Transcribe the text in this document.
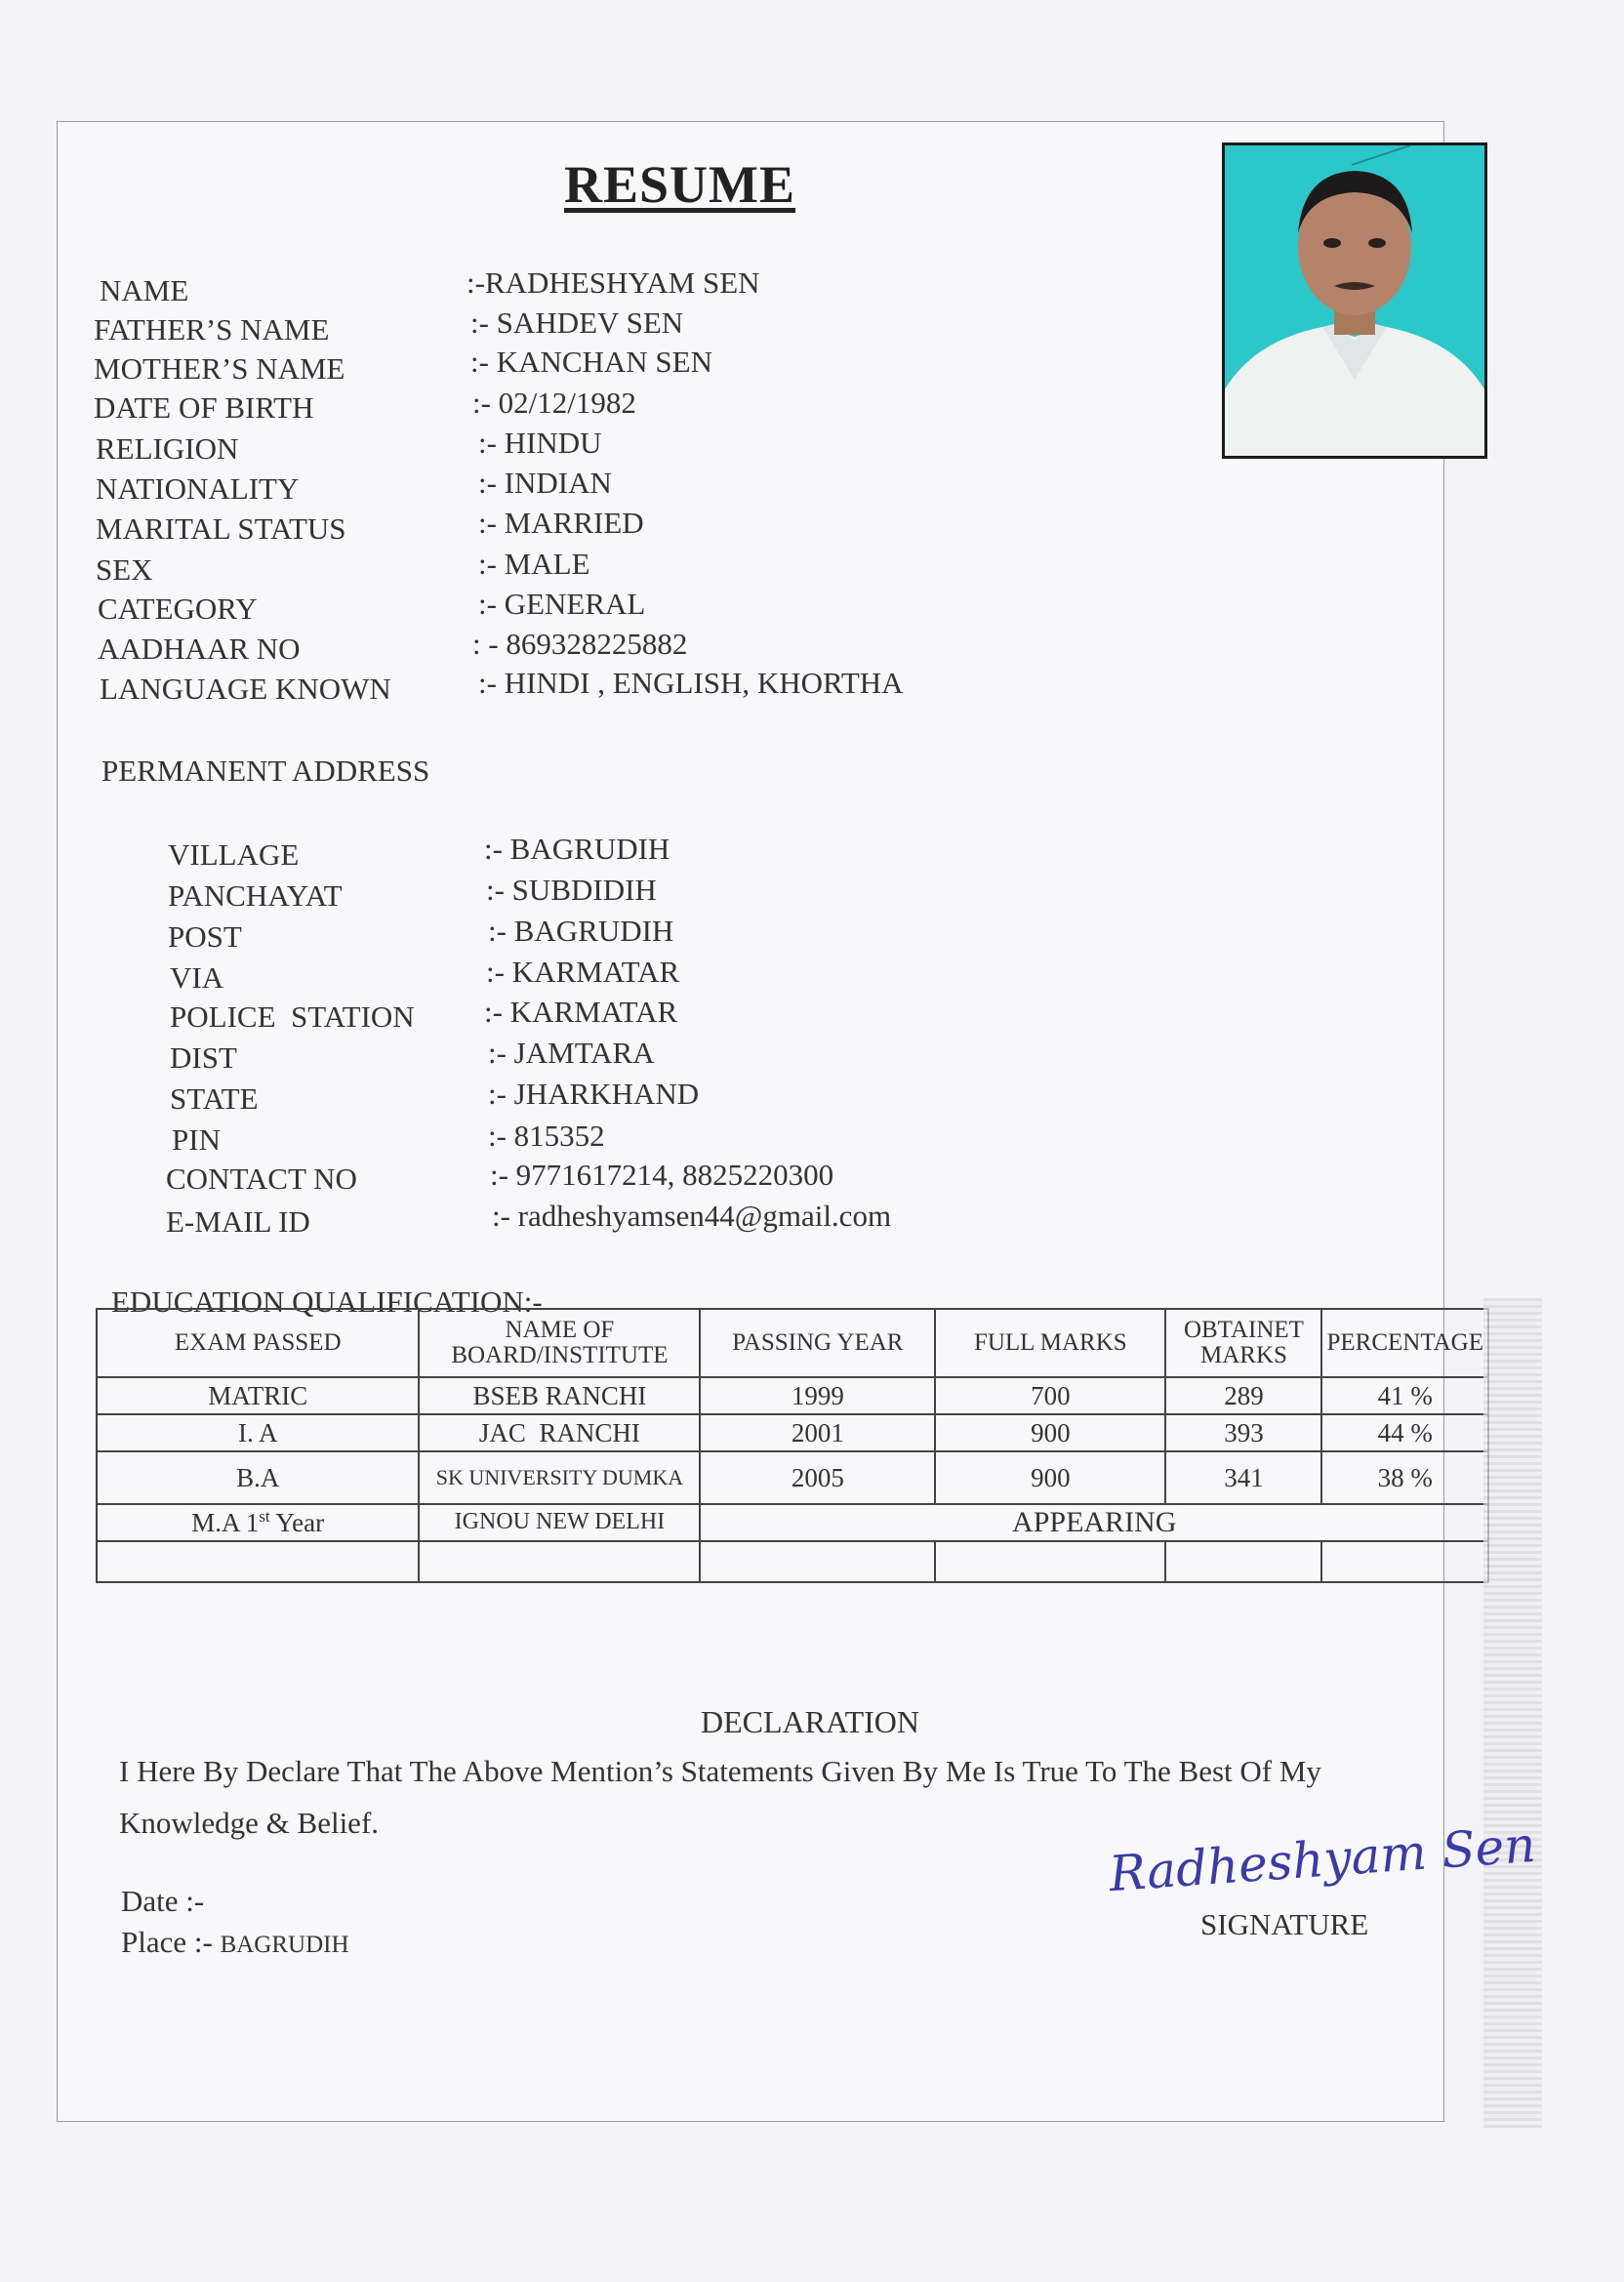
RESUME
NAME	:-RADHESHYAM SEN
FATHER’S NAME	:- SAHDEV SEN
MOTHER’S NAME	:- KANCHAN SEN
DATE OF BIRTH	:- 02/12/1982
RELIGION	:- HINDU
NATIONALITY	:- INDIAN
MARITAL STATUS	:- MARRIED
SEX	:- MALE
CATEGORY	:- GENERAL
AADHAAR NO	: - 869328225882
LANGUAGE KNOWN	:- HINDI , ENGLISH, KHORTHA
PERMANENT ADDRESS
VILLAGE	:- BAGRUDIH
PANCHAYAT	:- SUBDIDIH
POST	:- BAGRUDIH
VIA	:- KARMATAR
POLICE  STATION :- KARMATAR
DIST	:- JAMTARA
STATE	:- JHARKHAND
PIN	:- 815352
CONTACT NO	:- 9771617214, 8825220300
E-MAIL ID	:- radheshyamsen44@gmail.com
EDUCATION QUALIFICATION:-
EXAM PASSED	NAME OF BOARD/INSTITUTE	PASSING YEAR	FULL MARKS	OBTAINET MARKS	PERCENTAGE
MATRIC	BSEB RANCHI	1999	700	289	41 %
I. A	JAC  RANCHI	2001	900	393	44 %
B.A	SK UNIVERSITY DUMKA	2005	900	341	38 %
M.A 1st Year	IGNOU NEW DELHI	APPEARING			

DECLARATION
I Here By Declare That The Above Mention’s Statements Given By Me Is True To The Best Of My Knowledge & Belief.
Date :-
Place :- BAGRUDIH
Radheshyam Sen
SIGNATURE
